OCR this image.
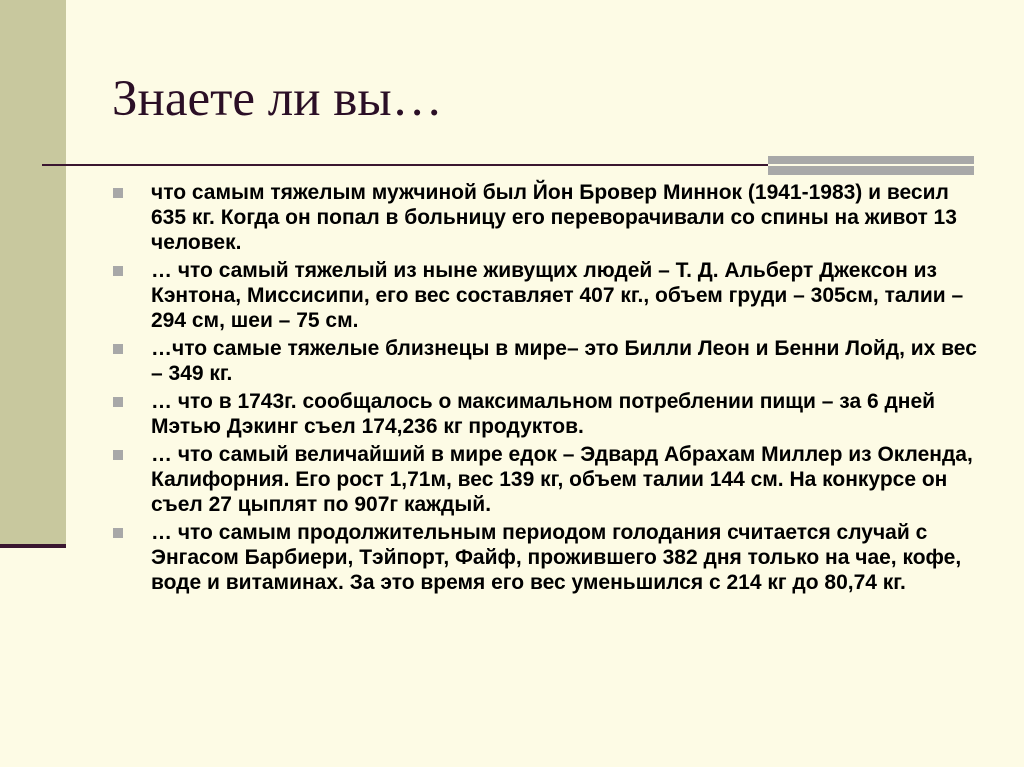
Знаете ли вы…
что самым тяжелым мужчиной был Йон Бровер Миннок (1941-1983) и весил 635 кг. Когда он попал в больницу его переворачивали со спины на живот 13 человек.
… что самый тяжелый из ныне живущих людей – Т. Д. Альберт Джексон из Кэнтона, Миссисипи, его вес составляет 407 кг., объем груди – 305см, талии – 294 см, шеи – 75 см.
…что самые тяжелые близнецы в мире– это Билли Леон и Бенни Лойд, их вес – 349 кг.
… что в 1743г. сообщалось о максимальном потреблении пищи – за 6 дней Мэтью Дэкинг съел 174,236 кг продуктов.
… что самый величайший в мире едок – Эдвард Абрахам Миллер из Окленда, Калифорния. Его рост 1,71м, вес 139 кг, объем талии 144 см. На конкурсе он съел 27 цыплят по 907г каждый.
… что самым продолжительным периодом голодания считается случай с Энгасом Барбиери, Тэйпорт, Файф, прожившего 382 дня только на чае, кофе, воде и витаминах. За это время его вес уменьшился с 214 кг до 80,74 кг.
